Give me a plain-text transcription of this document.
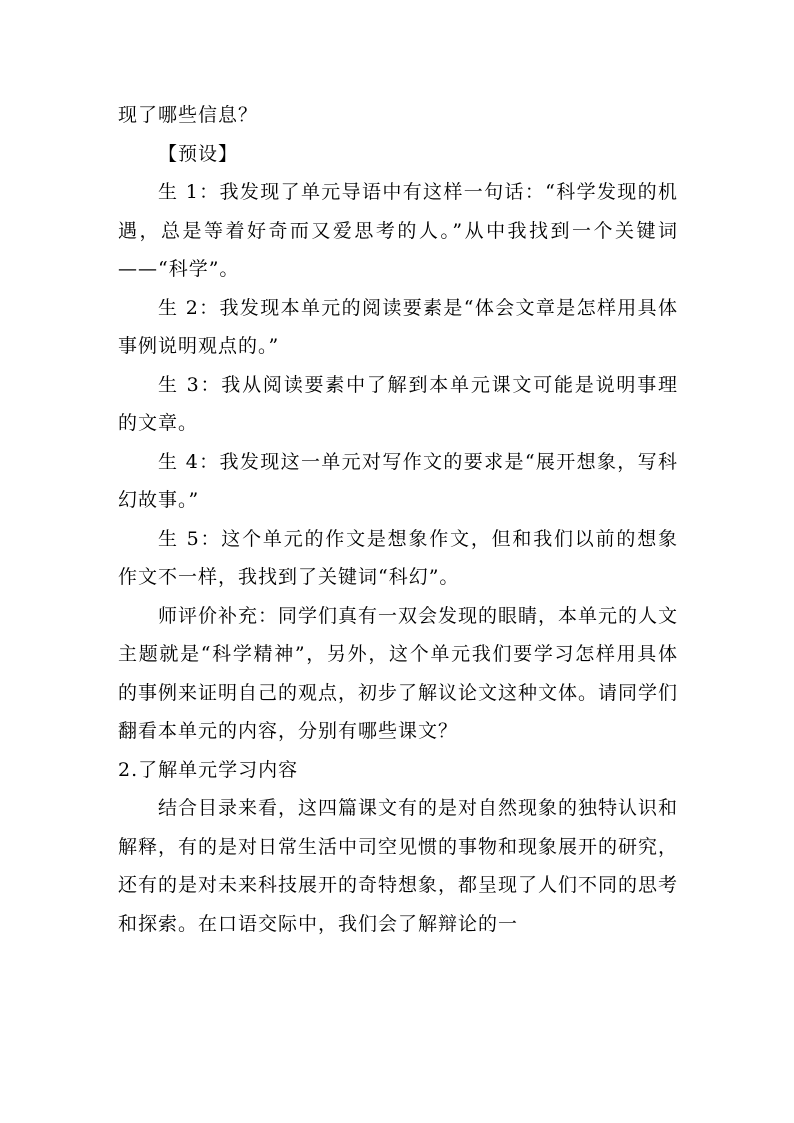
现了哪些信息？

【预设】

生 1：我发现了单元导语中有这样一句话：“科学发现的机遇，总是等着好奇而又爱思考的人。”从中我找到一个关键词——“科学”。

生 2：我发现本单元的阅读要素是“体会文章是怎样用具体事例说明观点的。”

生 3：我从阅读要素中了解到本单元课文可能是说明事理的文章。

生 4：我发现这一单元对写作文的要求是“展开想象，写科幻故事。”

生 5：这个单元的作文是想象作文，但和我们以前的想象作文不一样，我找到了关键词“科幻”。

师评价补充：同学们真有一双会发现的眼睛，本单元的人文主题就是“科学精神”，另外，这个单元我们要学习怎样用具体的事例来证明自己的观点，初步了解议论文这种文体。请同学们翻看本单元的内容，分别有哪些课文？

2.了解单元学习内容

结合目录来看，这四篇课文有的是对自然现象的独特认识和解释，有的是对日常生活中司空见惯的事物和现象展开的研究，还有的是对未来科技展开的奇特想象，都呈现了人们不同的思考和探索。在口语交际中，我们会了解辩论的一
